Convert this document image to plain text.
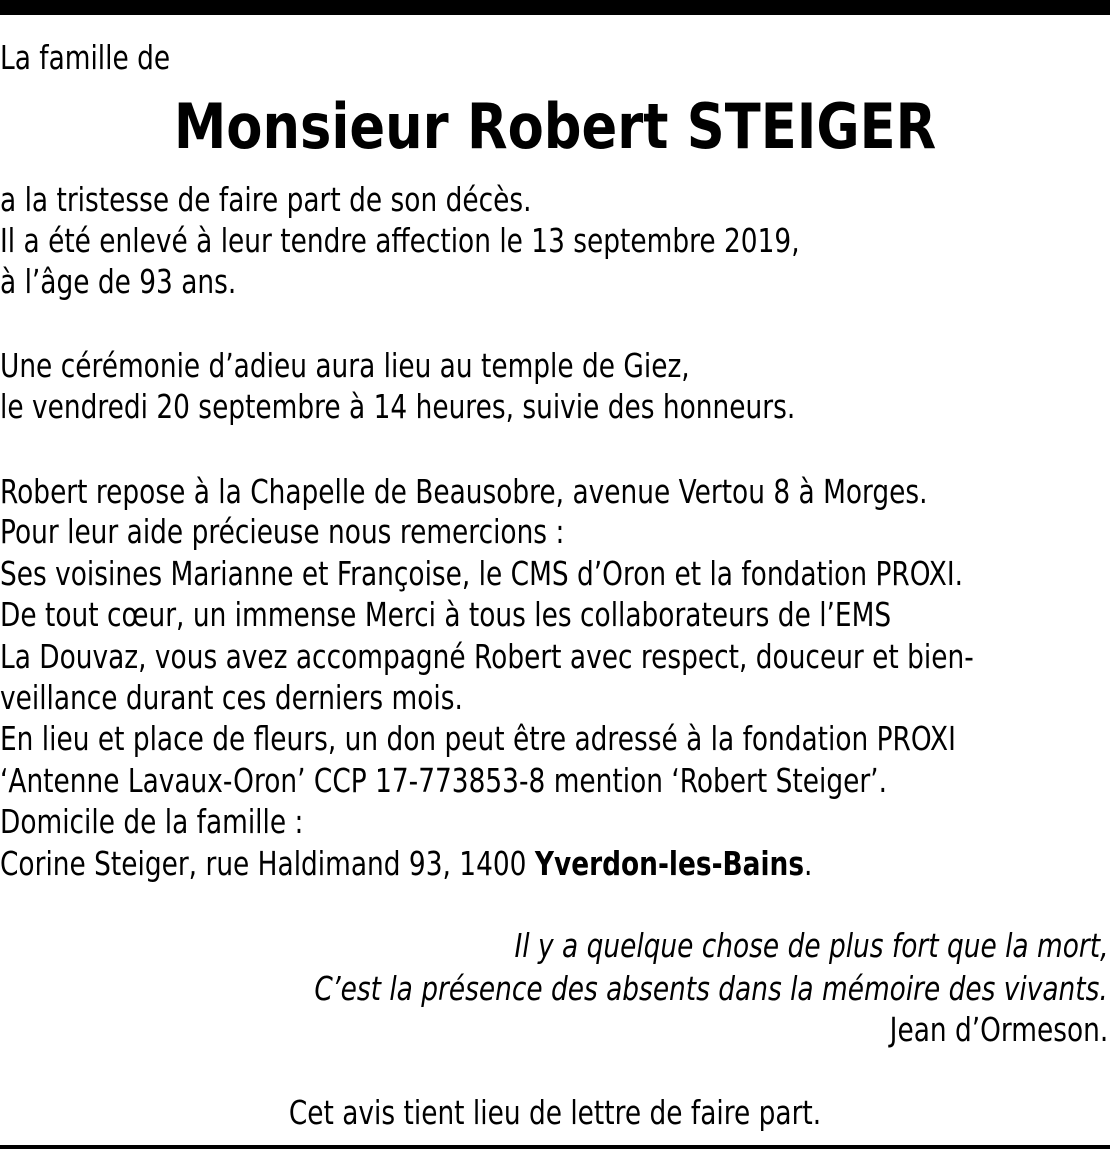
La famille de
Monsieur Robert STEIGER
a la tristesse de faire part de son décès.
Il a été enlevé à leur tendre affection le 13 septembre 2019,
à l’âge de 93 ans.
Une cérémonie d’adieu aura lieu au temple de Giez,
le vendredi 20 septembre à 14 heures, suivie des honneurs.
Robert repose à la Chapelle de Beausobre, avenue Vertou 8 à Morges.
Pour leur aide précieuse nous remercions :
Ses voisines Marianne et Françoise, le CMS d’Oron et la fondation PROXI.
De tout cœur, un immense Merci à tous les collaborateurs de l’EMS
La Douvaz, vous avez accompagné Robert avec respect, douceur et bien-
veillance durant ces derniers mois.
En lieu et place de fleurs, un don peut être adressé à la fondation PROXI
‘Antenne Lavaux-Oron’ CCP 17-773853-8 mention ‘Robert Steiger’.
Domicile de la famille :
Corine Steiger, rue Haldimand 93, 1400 Yverdon-les-Bains.
Il y a quelque chose de plus fort que la mort,
C’est la présence des absents dans la mémoire des vivants.
Jean d’Ormeson.
Cet avis tient lieu de lettre de faire part.
